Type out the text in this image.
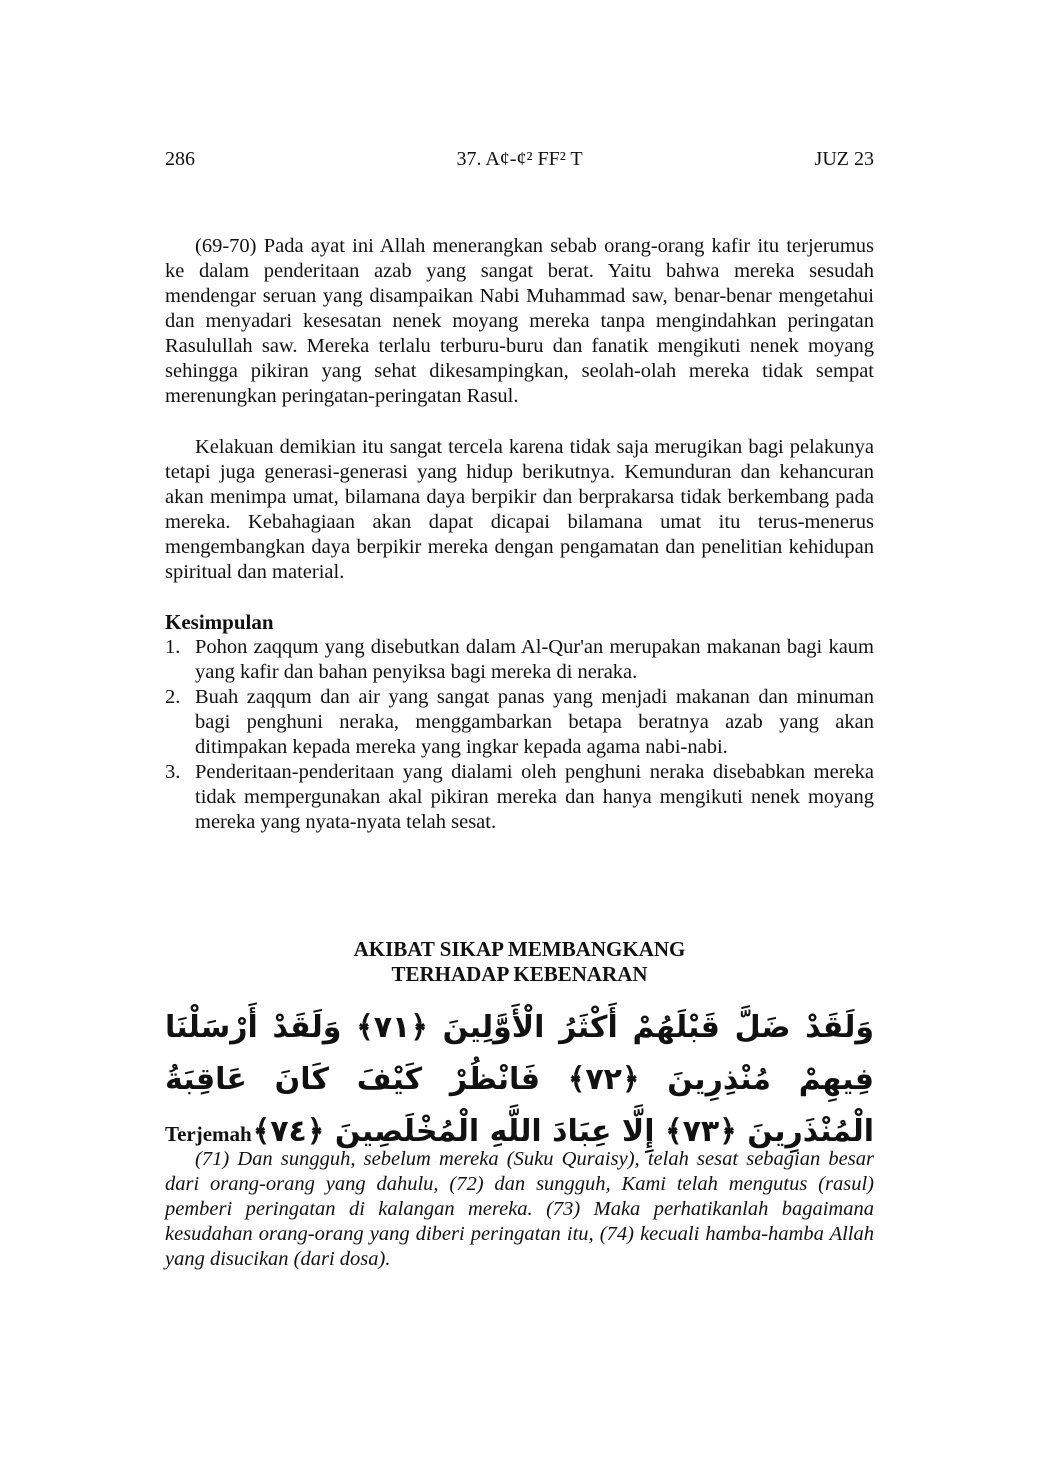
37. A¢-¢² FF² T
286	JUZ 23

(69-70) Pada ayat ini Allah menerangkan sebab orang-orang kafir itu terjerumus ke dalam penderitaan azab yang sangat berat. Yaitu bahwa mereka sesudah mendengar seruan yang disampaikan Nabi Muhammad saw, benar-benar mengetahui dan menyadari kesesatan nenek moyang mereka tanpa mengindahkan peringatan Rasulullah saw. Mereka terlalu terburu-buru dan fanatik mengikuti nenek moyang sehingga pikiran yang sehat dikesampingkan, seolah-olah mereka tidak sempat merenungkan peringatan-peringatan Rasul.

Kelakuan demikian itu sangat tercela karena tidak saja merugikan bagi pelakunya tetapi juga generasi-generasi yang hidup berikutnya. Kemunduran dan kehancuran akan menimpa umat, bilamana daya berpikir dan berprakarsa tidak berkembang pada mereka. Kebahagiaan akan dapat dicapai bilamana umat itu terus-menerus mengembangkan daya berpikir mereka dengan pengamatan dan penelitian kehidupan spiritual dan material.

Kesimpulan
1. Pohon zaqqum yang disebutkan dalam Al-Qur'an merupakan makanan bagi kaum yang kafir dan bahan penyiksa bagi mereka di neraka.
2. Buah zaqqum dan air yang sangat panas yang menjadi makanan dan minuman bagi penghuni neraka, menggambarkan betapa beratnya azab yang akan ditimpakan kepada mereka yang ingkar kepada agama nabi-nabi.
3. Penderitaan-penderitaan yang dialami oleh penghuni neraka disebabkan mereka tidak mempergunakan akal pikiran mereka dan hanya mengikuti nenek moyang mereka yang nyata-nyata telah sesat.
AKIBAT SIKAP MEMBANGKANG
TERHADAP KEBENARAN
وَلَقَدْ ضَلَّ قَبْلَهُمْ أَكْثَرُ الْأَوَّلِينَ ﴿٧١﴾ وَلَقَدْ أَرْسَلْنَا فِيهِمْ مُنْذِرِينَ ﴿٧٢﴾ فَانْظُرْ كَيْفَ كَانَ عَاقِبَةُ الْمُنْذَرِينَ ﴿٧٣﴾ إِلَّا عِبَادَ اللَّهِ الْمُخْلَصِينَ ﴿٧٤﴾
Terjemah

(71) Dan sungguh, sebelum mereka (Suku Quraisy), telah sesat sebagian besar dari orang-orang yang dahulu, (72) dan sungguh, Kami telah mengutus (rasul) pemberi peringatan di kalangan mereka. (73) Maka perhatikanlah bagaimana kesudahan orang-orang yang diberi peringatan itu, (74) kecuali hamba-hamba Allah yang disucikan (dari dosa).
